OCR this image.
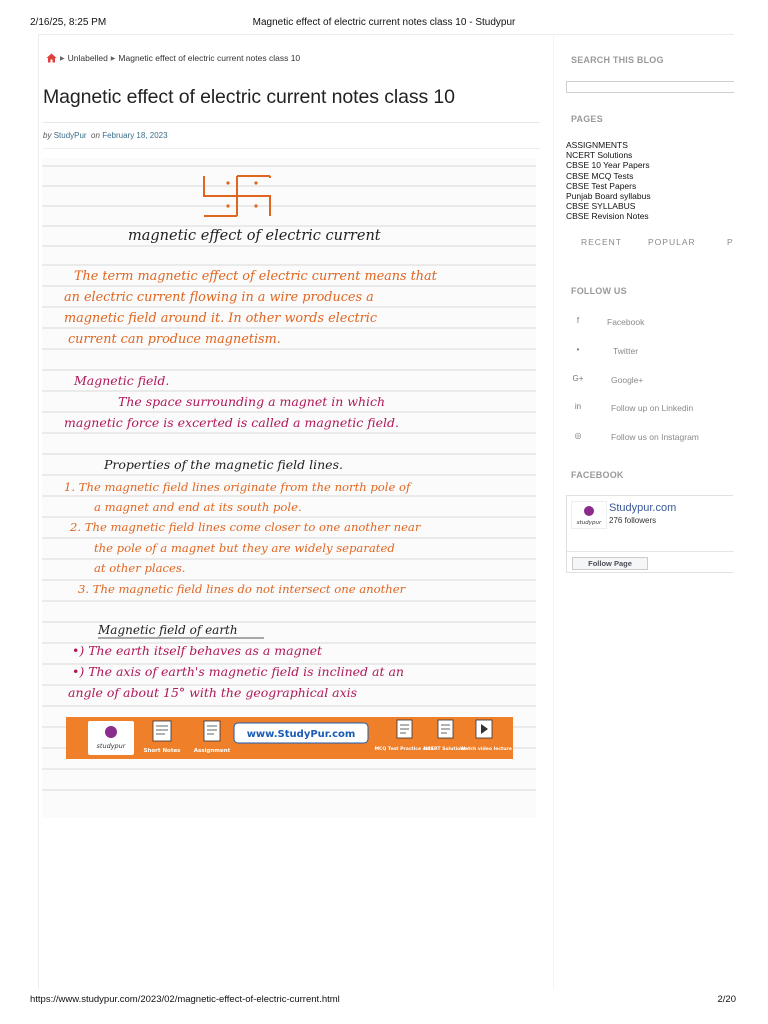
2/16/25, 8:25 PM	Magnetic effect of electric current notes class 10 - Studypur
▶ Unlabelled ▶ Magnetic effect of electric current notes class 10
Magnetic effect of electric current notes class 10
by StudyPur on February 18, 2023
magnetic effect of electric current
The term magnetic effect of electric current means that
an electric current flowing in a wire produces a
magnetic field around it. In other words electric
current can produce magnetism.
Magnetic field.
The space surrounding a magnet in which
magnetic force is excerted is called a magnetic field.
Properties of the magnetic field lines.
1. The magnetic field lines originate from the north pole of
a magnet and end at its south pole.
2. The magnetic field lines come closer to one another near
the pole of a magnet but they are widely separated
at other places.
3. The magnetic field lines do not intersect one another
Magnetic field of earth
•) The earth itself behaves as a magnet
•) The axis of earth's magnetic field is inclined at an
angle of about 15° with the geographical axis
studypur
Short Notes Assignment
www.StudyPur.com
MCQ Test Practice sets
NCERT Solutions
Watch video lecture
SEARCH THIS BLOG
PAGES
ASSIGNMENTS
NCERT Solutions
CBSE 10 Year Papers
CBSE MCQ Tests
CBSE Test Papers
Punjab Board syllabus
CBSE SYLLABUS
CBSE Revision Notes
RECENT	POPULAR	P
FOLLOW US
f	Facebook
•	Twitter
G+	Google+
in	Follow up on Linkedin
◎	Follow us on Instagram
FACEBOOK
studypur
Studypur.com
276 followers
Follow Page
https://www.studypur.com/2023/02/magnetic-effect-of-electric-current.html	2/20
